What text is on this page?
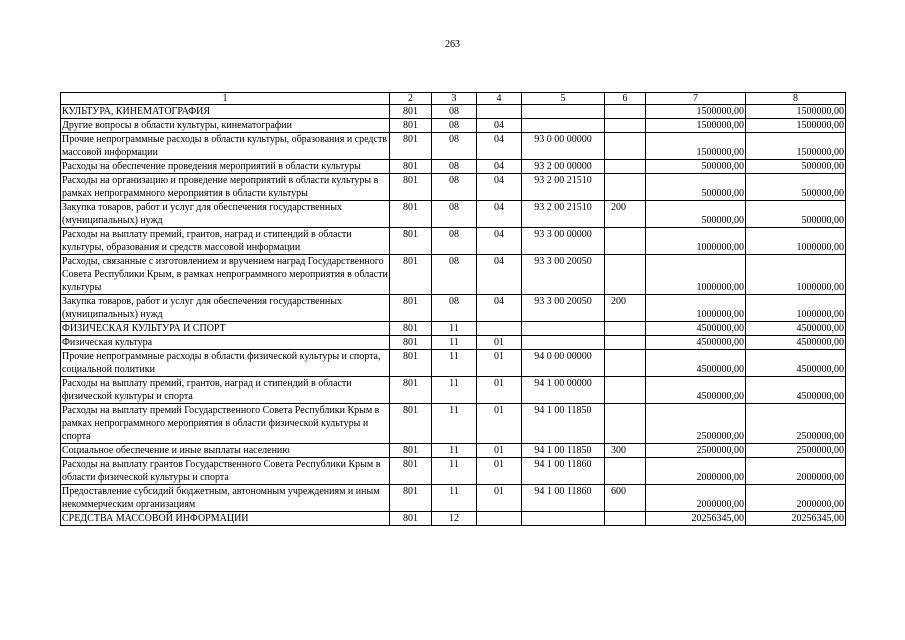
263
1	2	3	4	5	6	7	8
КУЛЬТУРА, КИНЕМАТОГРАФИЯ	801	08				1500000,00	1500000,00
Другие вопросы в области культуры, кинематографии	801	08	04			1500000,00	1500000,00
Прочие непрограммные расходы в области культуры, образования и средств массовой информации	801	08	04	93 0 00 00000		1500000,00	1500000,00
Расходы на обеспечение проведения мероприятий в области культуры	801	08	04	93 2 00 00000		500000,00	500000,00
Расходы на организацию и проведение мероприятий в области культуры в рамках непрограммного мероприятия в области культуры	801	08	04	93 2 00 21510		500000,00	500000,00
Закупка товаров, работ и услуг для обеспечения государственных (муниципальных) нужд	801	08	04	93 2 00 21510	200	500000,00	500000,00
Расходы на выплату премий, грантов, наград и стипендий в области культуры, образования и средств массовой информации	801	08	04	93 3 00 00000		1000000,00	1000000,00
Расходы, связанные с изготовлением и вручением наград Государственного Совета Республики Крым, в рамках непрограммного мероприятия в области культуры	801	08	04	93 3 00 20050		1000000,00	1000000,00
Закупка товаров, работ и услуг для обеспечения государственных (муниципальных) нужд	801	08	04	93 3 00 20050	200	1000000,00	1000000,00
ФИЗИЧЕСКАЯ КУЛЬТУРА И СПОРТ	801	11				4500000,00	4500000,00
Физическая культура	801	11	01			4500000,00	4500000,00
Прочие непрограммные расходы в области физической культуры и спорта, социальной политики	801	11	01	94 0 00 00000		4500000,00	4500000,00
Расходы на выплату премий, грантов, наград и стипендий в области физической культуры и спорта	801	11	01	94 1 00 00000		4500000,00	4500000,00
Расходы на выплату премий Государственного Совета Республики Крым в рамках непрограммного мероприятия в области физической культуры и спорта	801	11	01	94 1 00 11850		2500000,00	2500000,00
Социальное обеспечение и иные выплаты населению	801	11	01	94 1 00 11850	300	2500000,00	2500000,00
Расходы на выплату грантов Государственного Совета Республики Крым в области физической культуры и спорта	801	11	01	94 1 00 11860		2000000,00	2000000,00
Предоставление субсидий бюджетным, автономным учреждениям и иным некоммерческим организациям	801	11	01	94 1 00 11860	600	2000000,00	2000000,00
СРЕДСТВА МАССОВОЙ ИНФОРМАЦИИ	801	12				20256345,00	20256345,00
